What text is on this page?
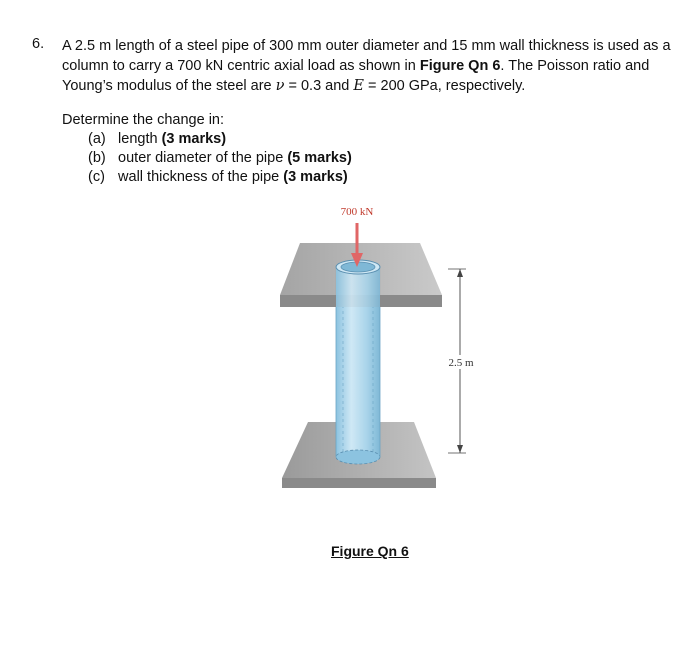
6. A 2.5 m length of a steel pipe of 300 mm outer diameter and 15 mm wall thickness is used as a column to carry a 700 kN centric axial load as shown in Figure Qn 6. The Poisson ratio and Young’s modulus of the steel are ν = 0.3 and E = 200 GPa, respectively.
Determine the change in:
(a) length (3 marks)
(b) outer diameter of the pipe (5 marks)
(c) wall thickness of the pipe (3 marks)
700 kN
2.5 m
Figure Qn 6
